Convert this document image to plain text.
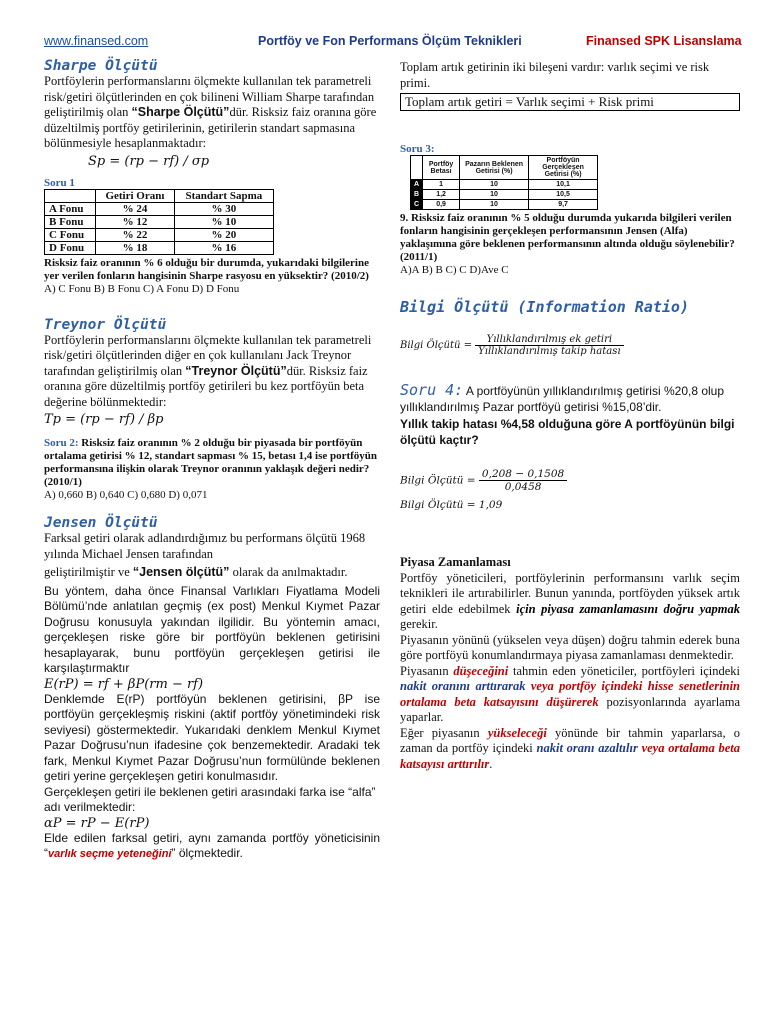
www.finansed.com	Portföy ve Fon Performans Ölçüm Teknikleri	Finansed SPK Lisanslama
Sharpe Ölçütü

Portföylerin performanslarını ölçmekte kullanılan tek parametreli risk/getiri ölçütlerinden en çok bilineni William Sharpe tarafından geliştirilmiş olan “Sharpe Ölçütü”dür. Risksiz faiz oranına göre düzeltilmiş portföy getirilerinin, getirilerin standart sapmasına bölünmesiyle hesaplanmaktadır:

Sp = (rp − rf) / σp
Soru 1
	Getiri Oranı	Standart Sapma
A Fonu	% 24	% 30
B Fonu	% 12	% 10
C Fonu	% 22	% 20
D Fonu	% 18	% 16

Risksiz faiz oranının % 6 olduğu bir durumda, yukarıdaki bilgilerine yer verilen fonların hangisinin Sharpe rasyosu en yüksektir? (2010/2)

A) C Fonu B) B Fonu C) A Fonu D) D Fonu

Treynor Ölçütü

Portföylerin performanslarını ölçmekte kullanılan tek parametreli risk/getiri ölçütlerinden diğer en çok kullanılanı Jack Treynor tarafından geliştirilmiş olan “Treynor Ölçütü”dür. Risksiz faiz oranına göre düzeltilmiş portföy getirileri bu kez portföyün beta değerine bölünmektedir:

Tp = (rp − rf) / βp

Soru 2: Risksiz faiz oranının % 2 olduğu bir piyasada bir portföyün ortalama getirisi % 12, standart sapması % 15, betası 1,4 ise portföyün performansına ilişkin olarak Treynor oranının yaklaşık değeri nedir? (2010/1)

A) 0,660 B) 0,640 C) 0,680 D) 0,071

Jensen Ölçütü

Farksal getiri olarak adlandırdığımız bu performans ölçütü 1968 yılında Michael Jensen tarafından

geliştirilmiştir ve “Jensen ölçütü” olarak da anılmaktadır.

Bu yöntem, daha önce Finansal Varlıkları Fiyatlama Modeli Bölümü’nde anlatılan geçmiş (ex post) Menkul Kıymet Pazar Doğrusu konusuyla yakından ilgilidir. Bu yöntemin amacı, gerçekleşen riske göre bir portföyün beklenen getirisini hesaplayarak, bunu portföyün gerçekleşen getirisi ile karşılaştırmaktır

E(rP) = rf + βP(rm − rf)

Denklemde E(rP) portföyün beklenen getirisini, βP ise portföyün gerçekleşmiş riskini (aktif portföy yönetimindeki risk seviyesi) göstermektedir. Yukarıdaki denklem Menkul Kıymet Pazar Doğrusu’nun ifadesine çok benzemektedir. Aradaki tek fark, Menkul Kıymet Pazar Doğrusu’nun formülünde beklenen getiri yerine gerçekleşen getiri konulmasıdır.

Gerçekleşen getiri ile beklenen getiri arasındaki farka ise “alfa” adı verilmektedir:

αP = rP − E(rP)

Elde edilen farksal getiri, aynı zamanda portföy yöneticisinin “varlık seçme yeteneğini” ölçmektedir.

Toplam artık getirinin iki bileşeni vardır: varlık seçimi ve risk primi.

Toplam artık getiri = Varlık seçimi + Risk primi
Soru 3:
	Portföy Betası	Pazarın Beklenen Getirisi (%)	Portföyün Gerçekleşen Getirisi (%)
A	1	10	10,1
B	1,2	10	10,5
C	0,9	10	9,7

9. Risksiz faiz oranının % 5 olduğu durumda yukarıda bilgileri verilen fonların hangisinin gerçekleşen performansının Jensen (Alfa) yaklaşımına göre beklenen performansının altında olduğu söylenebilir?(2011/1)

A)A B) B C) C D)Ave C

Bilgi Ölçütü (Information Ratio)
Bilgi Ölçütü = $\frac{\text{Yıllıklandırılmış ek getiri}}{\text{Yıllıklandırılmış takip hatası}}$

Soru 4: A portföyünün yıllıklandırılmış getirisi %20,8 olup yıllıklandırılmış Pazar portföyü getirisi %15,08’dir.

Yıllık takip hatası %4,58 olduğuna göre A portföyünün bilgi ölçütü kaçtır?

Bilgi Ölçütü = $\frac{0,208 - 0,1508}{0,0458}$
Bilgi Ölçütü = 1,09

Piyasa Zamanlaması

Portföy yöneticileri, portföylerinin performansını varlık seçim teknikleri ile artırabilirler. Bunun yanında, portföyden yüksek artık getiri elde edebilmek için piyasa zamanlamasını doğru yapmak gerekir.

Piyasanın yönünü (yükselen veya düşen) doğru tahmin ederek buna göre portföyü konumlandırmaya piyasa zamanlaması denmektedir.

Piyasanın düşeceğini tahmin eden yöneticiler, portföyleri içindeki nakit oranını arttırarak veya portföy içindeki hisse senetlerinin ortalama beta katsayısını düşürerek pozisyonlarında ayarlama yaparlar.

Eğer piyasanın yükseleceği yönünde bir tahmin yaparlarsa, o zaman da portföy içindeki nakit oranı azaltılır veya ortalama beta katsayısı arttırılır.
